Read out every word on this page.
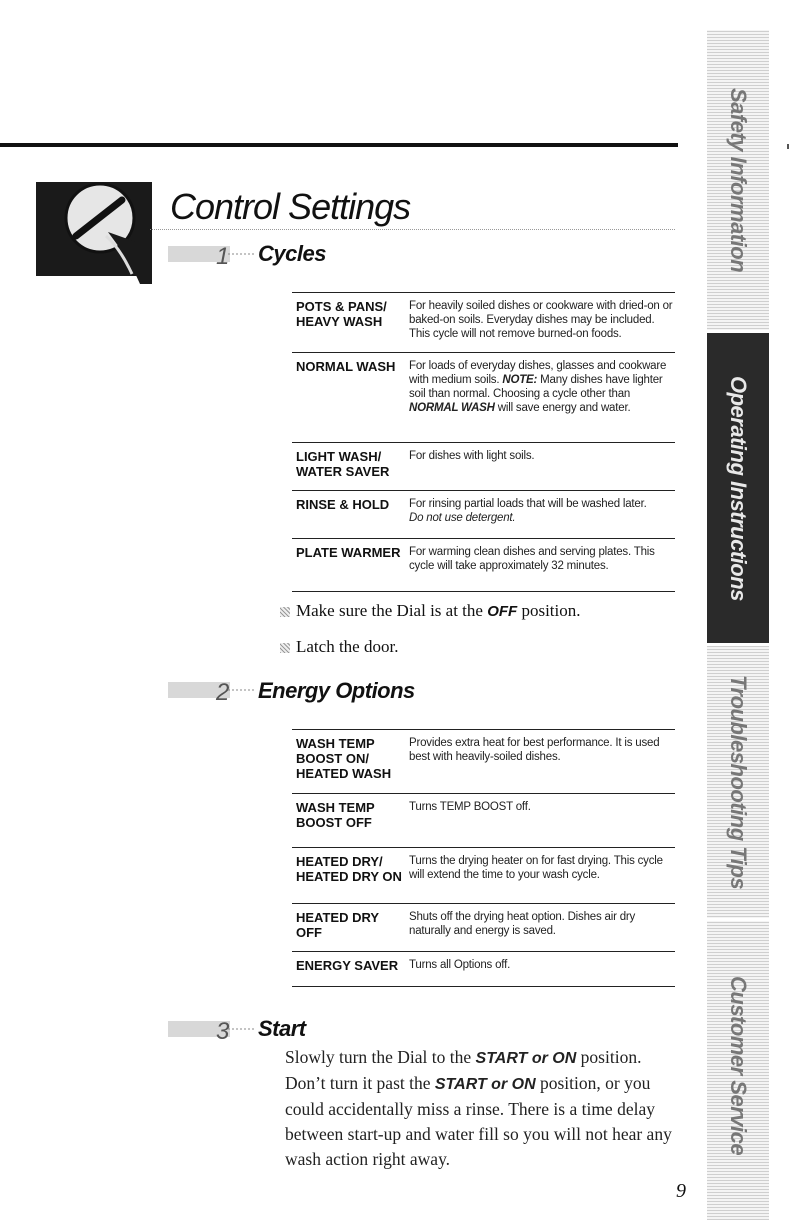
Control Settings
1 Cycles
POTS & PANS/
HEAVY WASH
For heavily soiled dishes or cookware with dried-on or baked-on soils. Everyday dishes may be included. This cycle will not remove burned-on foods.
NORMAL WASH For loads of everyday dishes, glasses and cookware with medium soils. NOTE: Many dishes have lighter soil than normal. Choosing a cycle other than NORMAL WASH will save energy and water.
LIGHT WASH/
WATER SAVER
For dishes with light soils.
RINSE & HOLD For rinsing partial loads that will be washed later.
Do not use detergent.
PLATE WARMER For warming clean dishes and serving plates. This cycle will take approximately 32 minutes.
Make sure the Dial is at the OFF position.
Latch the door.
2 Energy Options
WASH TEMP
BOOST ON/
HEATED WASH
Provides extra heat for best performance. It is used best with heavily-soiled dishes.
WASH TEMP
BOOST OFF
Turns TEMP BOOST off.
HEATED DRY/
HEATED DRY ON
Turns the drying heater on for fast drying. This cycle will extend the time to your wash cycle.
HEATED DRY
OFF
Shuts off the drying heat option. Dishes air dry naturally and energy is saved.
ENERGY SAVER Turns all Options off.
3 Start
Slowly turn the Dial to the START or ON position. Don’t turn it past the START or ON position, or you could accidentally miss a rinse. There is a time delay between start-up and water fill so you will not hear any wash action right away.
9
Safety Information
Operating Instructions
Troubleshooting Tips
Customer Service
